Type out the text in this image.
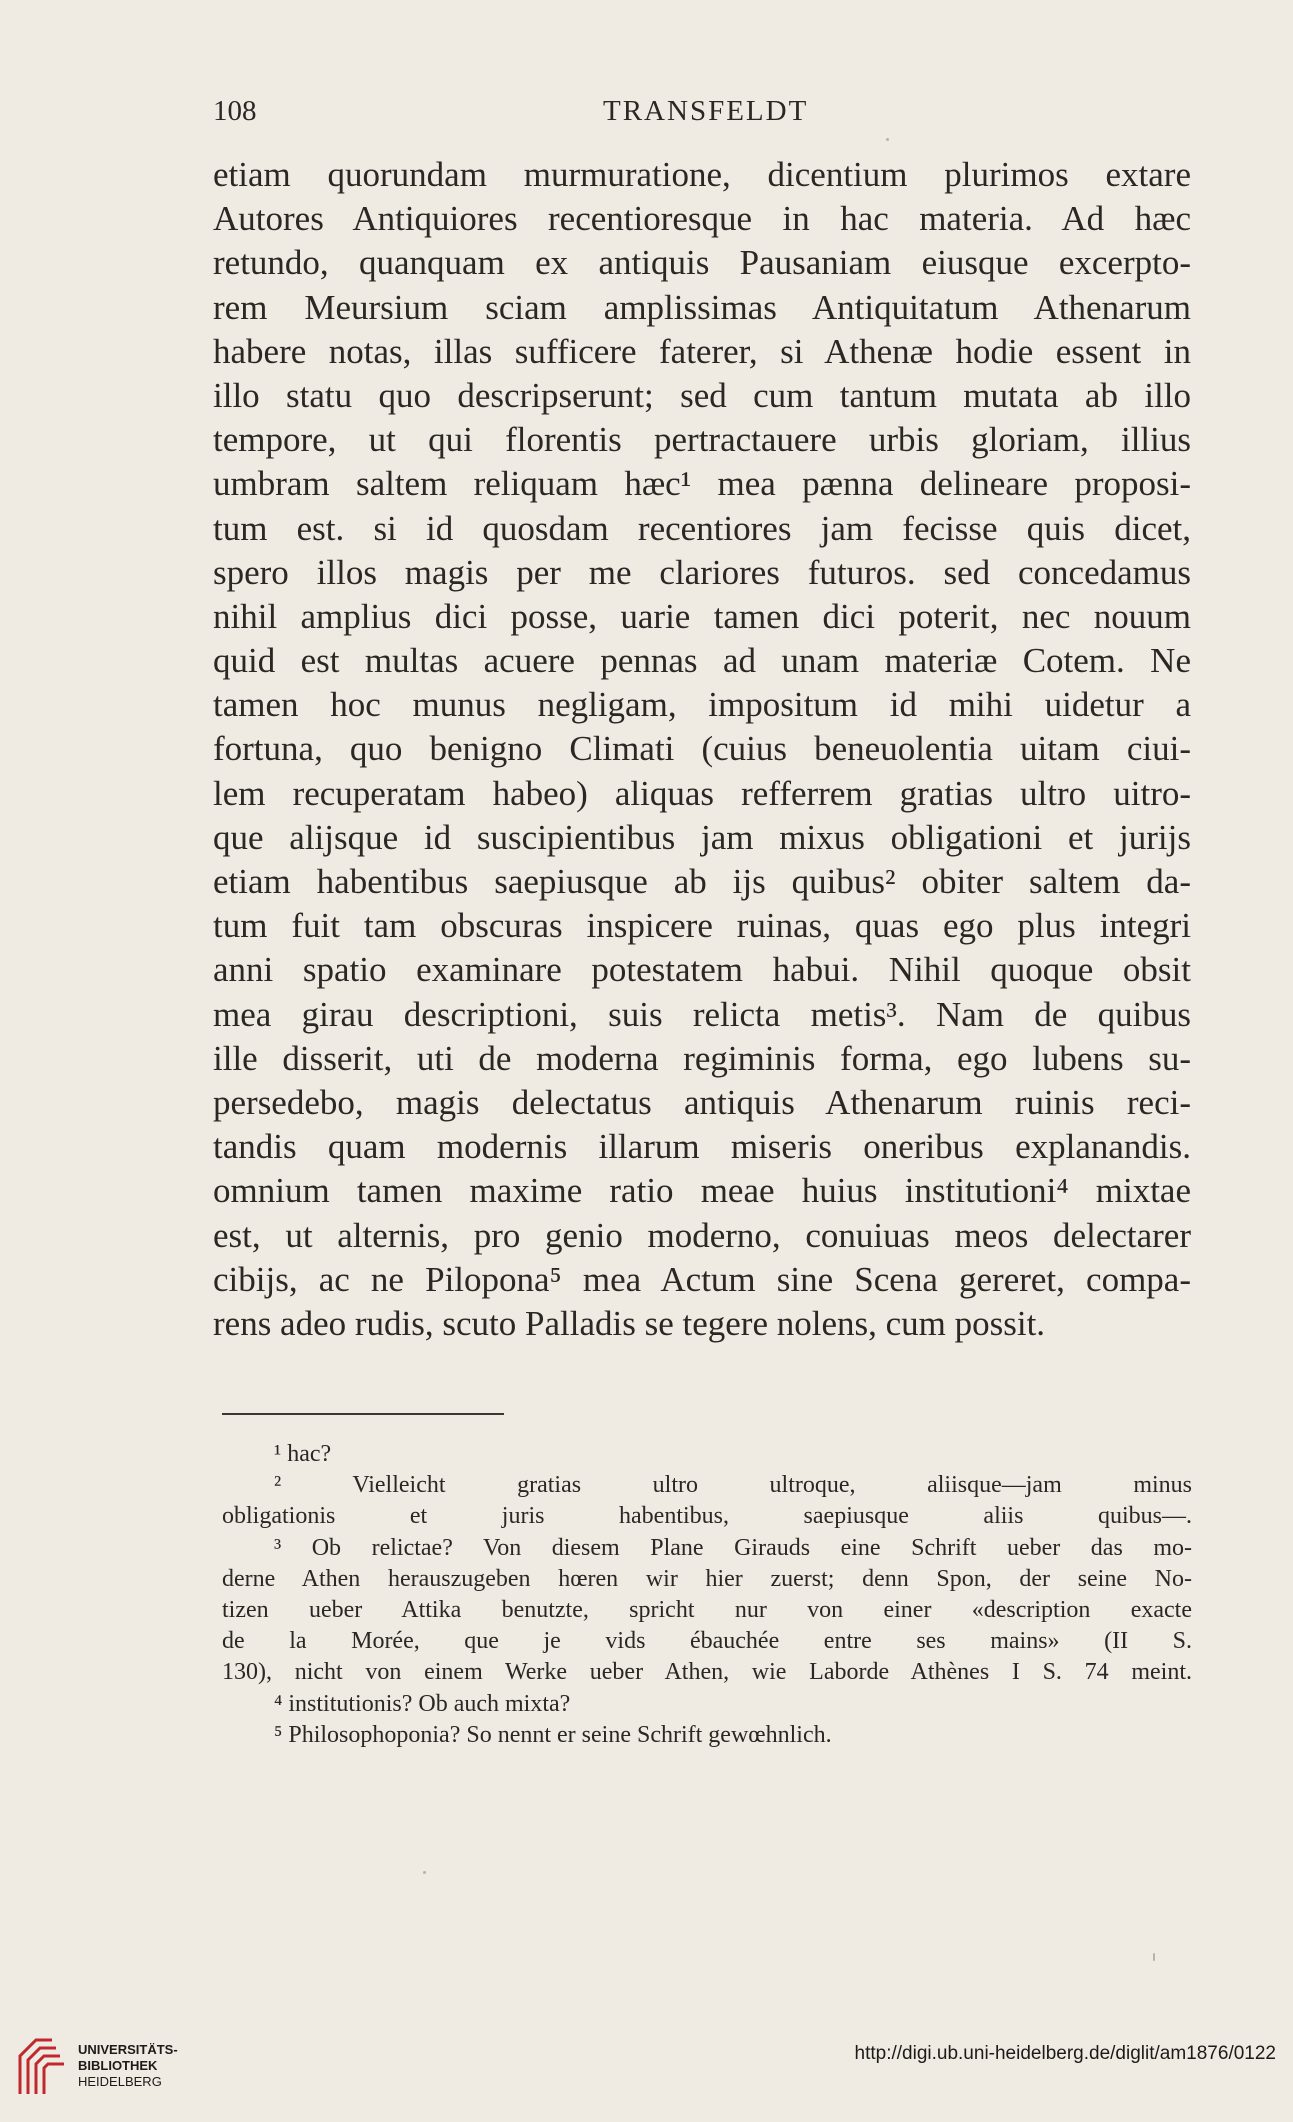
108	TRANSFELDT
etiam quorundam murmuratione, dicentium plurimos extare
Autores Antiquiores recentioresque in hac materia. Ad hæc
retundo, quanquam ex antiquis Pausaniam eiusque excerpto-
rem Meursium sciam amplissimas Antiquitatum Athenarum
habere notas, illas sufficere faterer, si Athenæ hodie essent in
illo statu quo descripserunt; sed cum tantum mutata ab illo
tempore, ut qui florentis pertractauere urbis gloriam, illius
umbram saltem reliquam hæc¹ mea pænna delineare proposi-
tum est. si id quosdam recentiores jam fecisse quis dicet,
spero illos magis per me clariores futuros. sed concedamus
nihil amplius dici posse, uarie tamen dici poterit, nec nouum
quid est multas acuere pennas ad unam materiæ Cotem. Ne
tamen hoc munus negligam, impositum id mihi uidetur a
fortuna, quo benigno Climati (cuius beneuolentia uitam ciui-
lem recuperatam habeo) aliquas refferrem gratias ultro uitro-
que alijsque id suscipientibus jam mixus obligationi et jurijs
etiam habentibus saepiusque ab ijs quibus² obiter saltem da-
tum fuit tam obscuras inspicere ruinas, quas ego plus integri
anni spatio examinare potestatem habui. Nihil quoque obsit
mea girau descriptioni, suis relicta metis³. Nam de quibus
ille disserit, uti de moderna regiminis forma, ego lubens su-
persedebo, magis delectatus antiquis Athenarum ruinis reci-
tandis quam modernis illarum miseris oneribus explanandis.
omnium tamen maxime ratio meae huius institutioni⁴ mixtae
est, ut alternis, pro genio moderno, conuiuas meos delectarer
cibijs, ac ne Pilopona⁵ mea Actum sine Scena gereret, compa-
rens adeo rudis, scuto Palladis se tegere nolens, cum possit.
¹ hac?
² Vielleicht gratias ultro ultroque, aliisque—jam minus
obligationis et juris habentibus, saepiusque aliis quibus—.
³ Ob relictae? Von diesem Plane Girauds eine Schrift ueber das mo-
derne Athen herauszugeben hœren wir hier zuerst; denn Spon, der seine No-
tizen ueber Attika benutzte, spricht nur von einer «description exacte
de la Morée, que je vids ébauchée entre ses mains» (II S.
130), nicht von einem Werke ueber Athen, wie Laborde Athènes I S. 74 meint.
⁴ institutionis? Ob auch mixta?
⁵ Philosophoponia? So nennt er seine Schrift gewœhnlich.
UNIVERSITÄTS-
BIBLIOTHEK
HEIDELBERG
http://digi.ub.uni-heidelberg.de/diglit/am1876/0122
